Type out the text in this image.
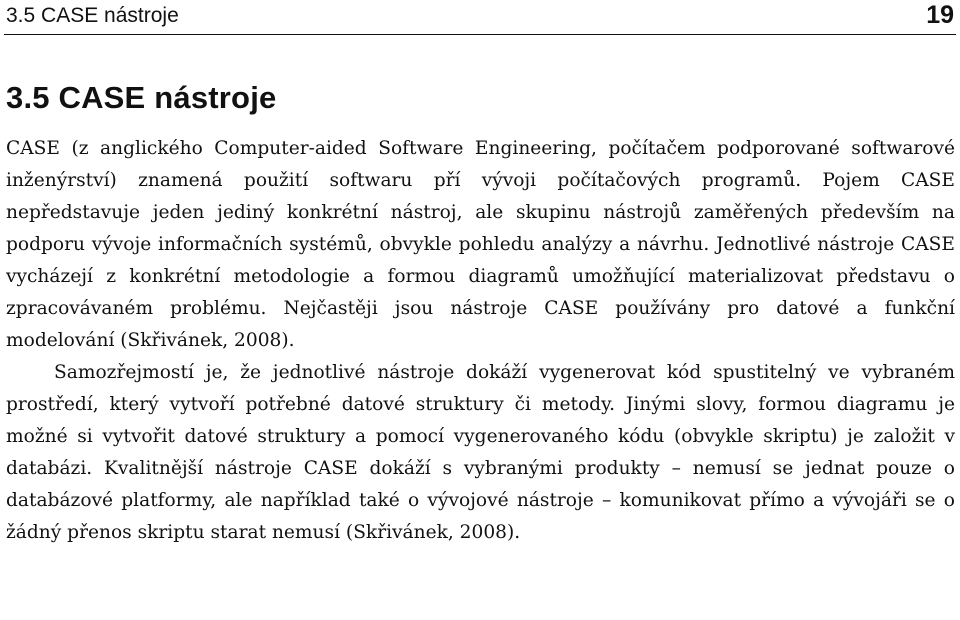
3.5 CASE nástroje	19
3.5 CASE nástroje

CASE (z anglického Computer-aided Software Engineering, počítačem podporované softwarové inženýrství) znamená použití softwaru pří vývoji počítačových programů. Pojem CASE nepředstavuje jeden jediný konkrétní nástroj, ale skupinu nástrojů zaměřených především na podporu vývoje informačních systémů, obvykle pohledu analýzy a návrhu. Jednotlivé nástroje CASE vycházejí z konkrétní metodologie a formou diagramů umožňující materializovat představu o zpracovávaném problému. Nejčastěji jsou nástroje CASE používány pro datové a funkční modelování (Skřivánek, 2008).

Samozřejmostí je, že jednotlivé nástroje dokáží vygenerovat kód spustitelný ve vybraném prostředí, který vytvoří potřebné datové struktury či metody. Jinými slovy, formou diagramu je možné si vytvořit datové struktury a pomocí vygenerovaného kódu (obvykle skriptu) je založit v databázi. Kvalitnější nástroje CASE dokáží s vybranými produkty – nemusí se jednat pouze o databázové platformy, ale například také o vývojové nástroje – komunikovat přímo a vývojáři se o žádný přenos skriptu starat nemusí (Skřivánek, 2008).
